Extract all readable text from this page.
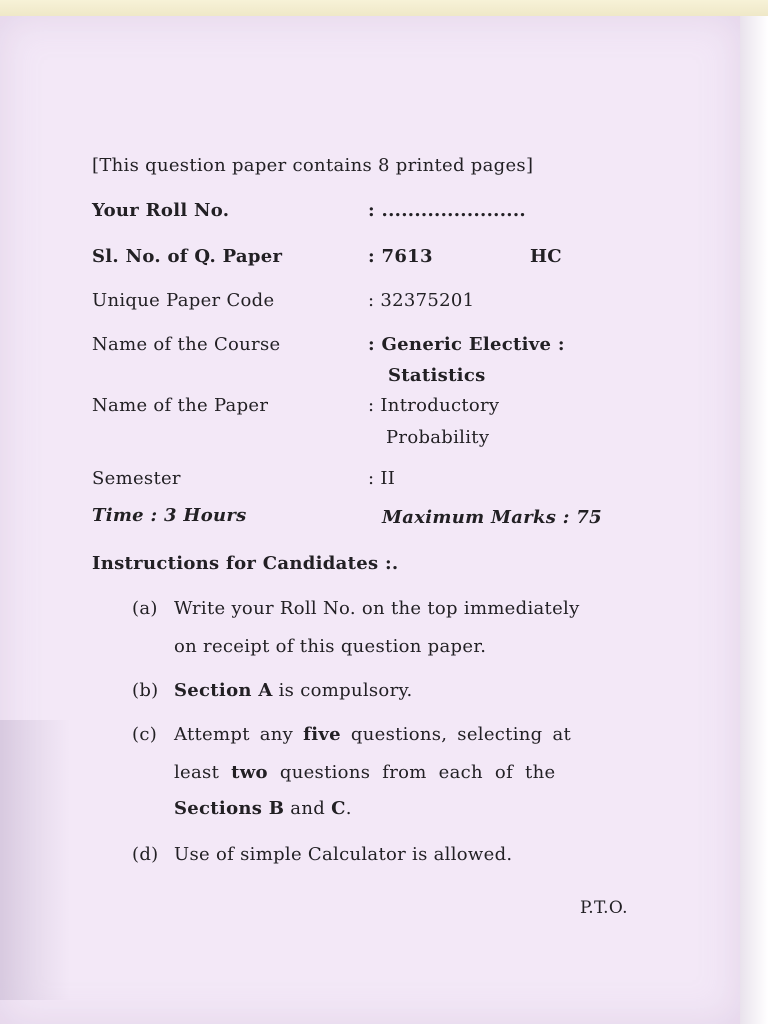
[This question paper contains 8 printed pages]
Your Roll No.	: ......................
Sl. No. of Q. Paper	: 7613	HC
Unique Paper Code	: 32375201
Name of the Course	: Generic Elective :
Statistics
Name of the Paper	: Introductory
Probability
Semester	: II
Time : 3 Hours	Maximum Marks : 75
Instructions for Candidates :.
(a) Write your Roll No. on the top immediately
on receipt of this question paper.
(b) Section A is compulsory.
(c) Attempt any five questions, selecting at
least two questions from each of the
Sections B and C.
(d) Use of simple Calculator is allowed.
P.T.O.
